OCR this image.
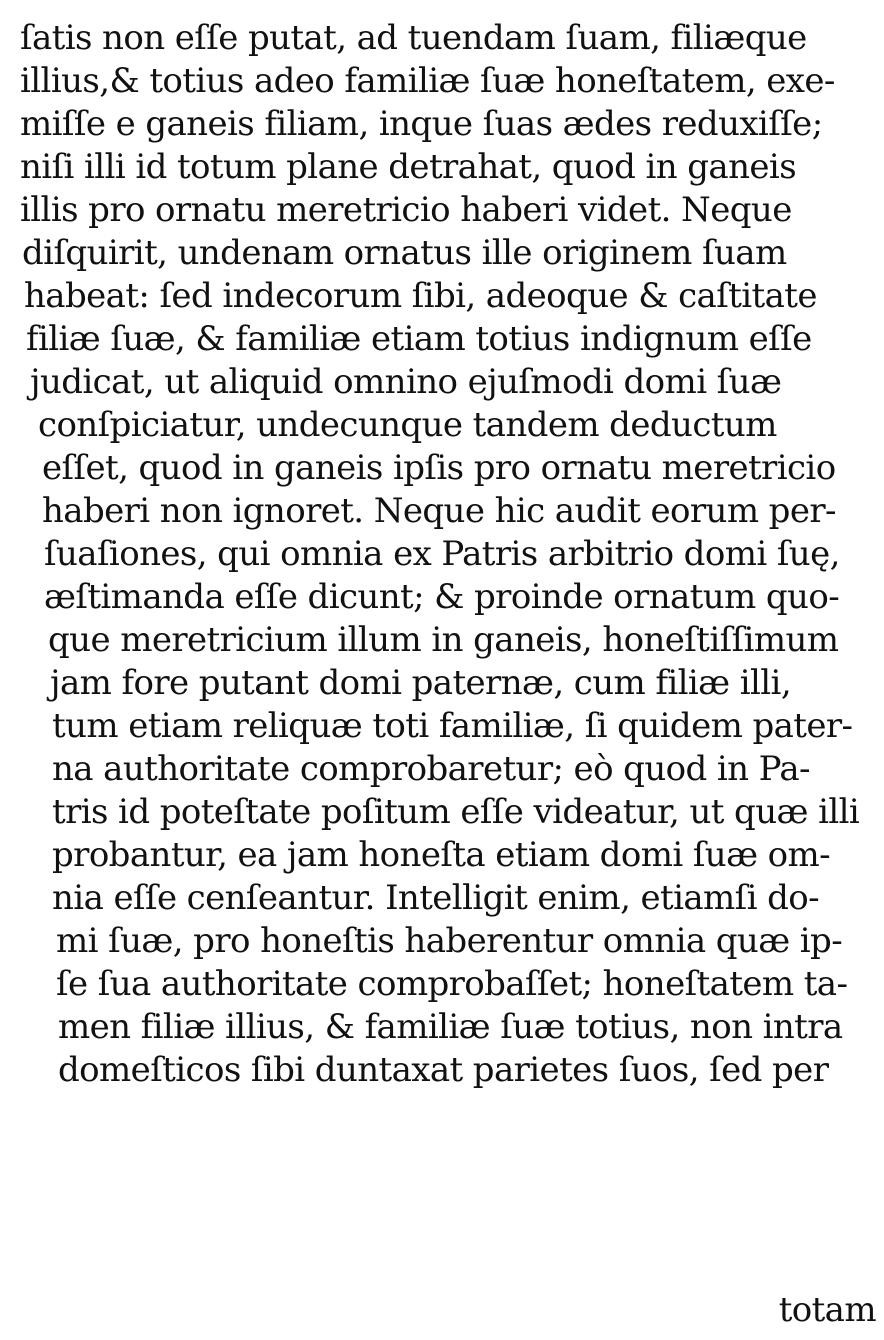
ſatis non eſſe putat, ad tuendam ſuam, filiæque
illius,& totius adeo familiæ ſuæ honeſtatem, exe-
miſſe e ganeis filiam, inque ſuas ædes reduxiſſe;
niſi illi id totum plane detrahat, quod in ganeis
illis pro ornatu meretricio haberi videt. Neque
diſquirit, undenam ornatus ille originem ſuam
habeat: ſed indecorum ſibi, adeoque & caſtitate
filiæ ſuæ, & familiæ etiam totius indignum eſſe
judicat, ut aliquid omnino ejuſmodi domi ſuæ
conſpiciatur, undecunque tandem deductum
eſſet, quod in ganeis ipſis pro ornatu meretricio
haberi non ignoret. Neque hic audit eorum per-
ſuaſiones, qui omnia ex Patris arbitrio domi ſuę,
æſtimanda eſſe dicunt; & proinde ornatum quo-
que meretricium illum in ganeis, honeſtiſſimum
jam fore putant domi paternæ, cum filiæ illi,
tum etiam reliquæ toti familiæ, ſi quidem pater-
na authoritate comprobaretur; eò quod in Pa-
tris id poteſtate poſitum eſſe videatur, ut quæ illi
probantur, ea jam honeſta etiam domi ſuæ om-
nia eſſe cenſeantur. Intelligit enim, etiamſi do-
mi ſuæ, pro honeſtis haberentur omnia quæ ip-
ſe ſua authoritate comprobaſſet; honeſtatem ta-
men filiæ illius, & familiæ ſuæ totius, non intra
domeſticos ſibi duntaxat parietes ſuos, ſed per
totam
